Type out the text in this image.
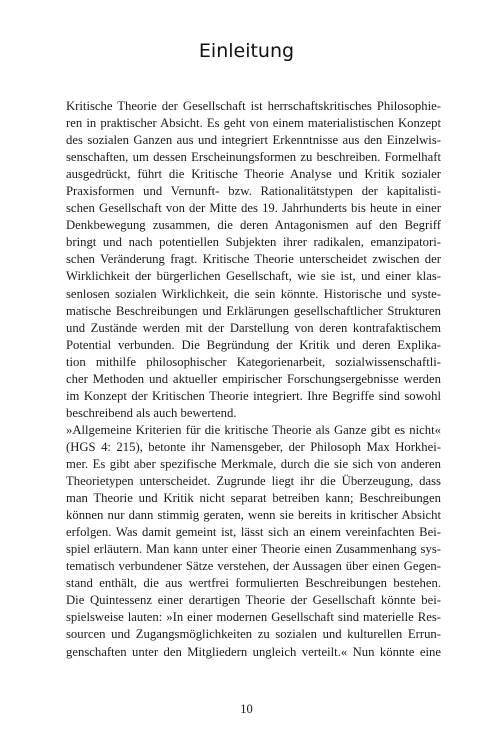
Einleitung
Kritische Theorie der Gesellschaft ist herrschaftskritisches Philosophie-
ren in praktischer Absicht. Es geht von einem materialistischen Konzept
des sozialen Ganzen aus und integriert Erkenntnisse aus den Einzelwis-
senschaften, um dessen Erscheinungsformen zu beschreiben. Formelhaft
ausgedrückt, führt die Kritische Theorie Analyse und Kritik sozialer
Praxisformen und Vernunft- bzw. Rationalitätstypen der kapitalisti-
schen Gesellschaft von der Mitte des 19. Jahrhunderts bis heute in einer
Denkbewegung zusammen, die deren Antagonismen auf den Begriff
bringt und nach potentiellen Subjekten ihrer radikalen, emanzipatori-
schen Veränderung fragt. Kritische Theorie unterscheidet zwischen der
Wirklichkeit der bürgerlichen Gesellschaft, wie sie ist, und einer klas-
senlosen sozialen Wirklichkeit, die sein könnte. Historische und syste-
matische Beschreibungen und Erklärungen gesellschaftlicher Strukturen
und Zustände werden mit der Darstellung von deren kontrafaktischem
Potential verbunden. Die Begründung der Kritik und deren Explika-
tion mithilfe philosophischer Kategorienarbeit, sozialwissenschaftli-
cher Methoden und aktueller empirischer Forschungsergebnisse werden
im Konzept der Kritischen Theorie integriert. Ihre Begriffe sind sowohl
beschreibend als auch bewertend.
»Allgemeine Kriterien für die kritische Theorie als Ganze gibt es nicht«
(HGS 4: 215), betonte ihr Namensgeber, der Philosoph Max Horkhei-
mer. Es gibt aber spezifische Merkmale, durch die sie sich von anderen
Theorietypen unterscheidet. Zugrunde liegt ihr die Überzeugung, dass
man Theorie und Kritik nicht separat betreiben kann; Beschreibungen
können nur dann stimmig geraten, wenn sie bereits in kritischer Absicht
erfolgen. Was damit gemeint ist, lässt sich an einem vereinfachten Bei-
spiel erläutern. Man kann unter einer Theorie einen Zusammenhang sys-
tematisch verbundener Sätze verstehen, der Aussagen über einen Gegen-
stand enthält, die aus wertfrei formulierten Beschreibungen bestehen.
Die Quintessenz einer derartigen Theorie der Gesellschaft könnte bei-
spielsweise lauten: »In einer modernen Gesellschaft sind materielle Res-
sourcen und Zugangsmöglichkeiten zu sozialen und kulturellen Errun-
genschaften unter den Mitgliedern ungleich verteilt.« Nun könnte eine
10
